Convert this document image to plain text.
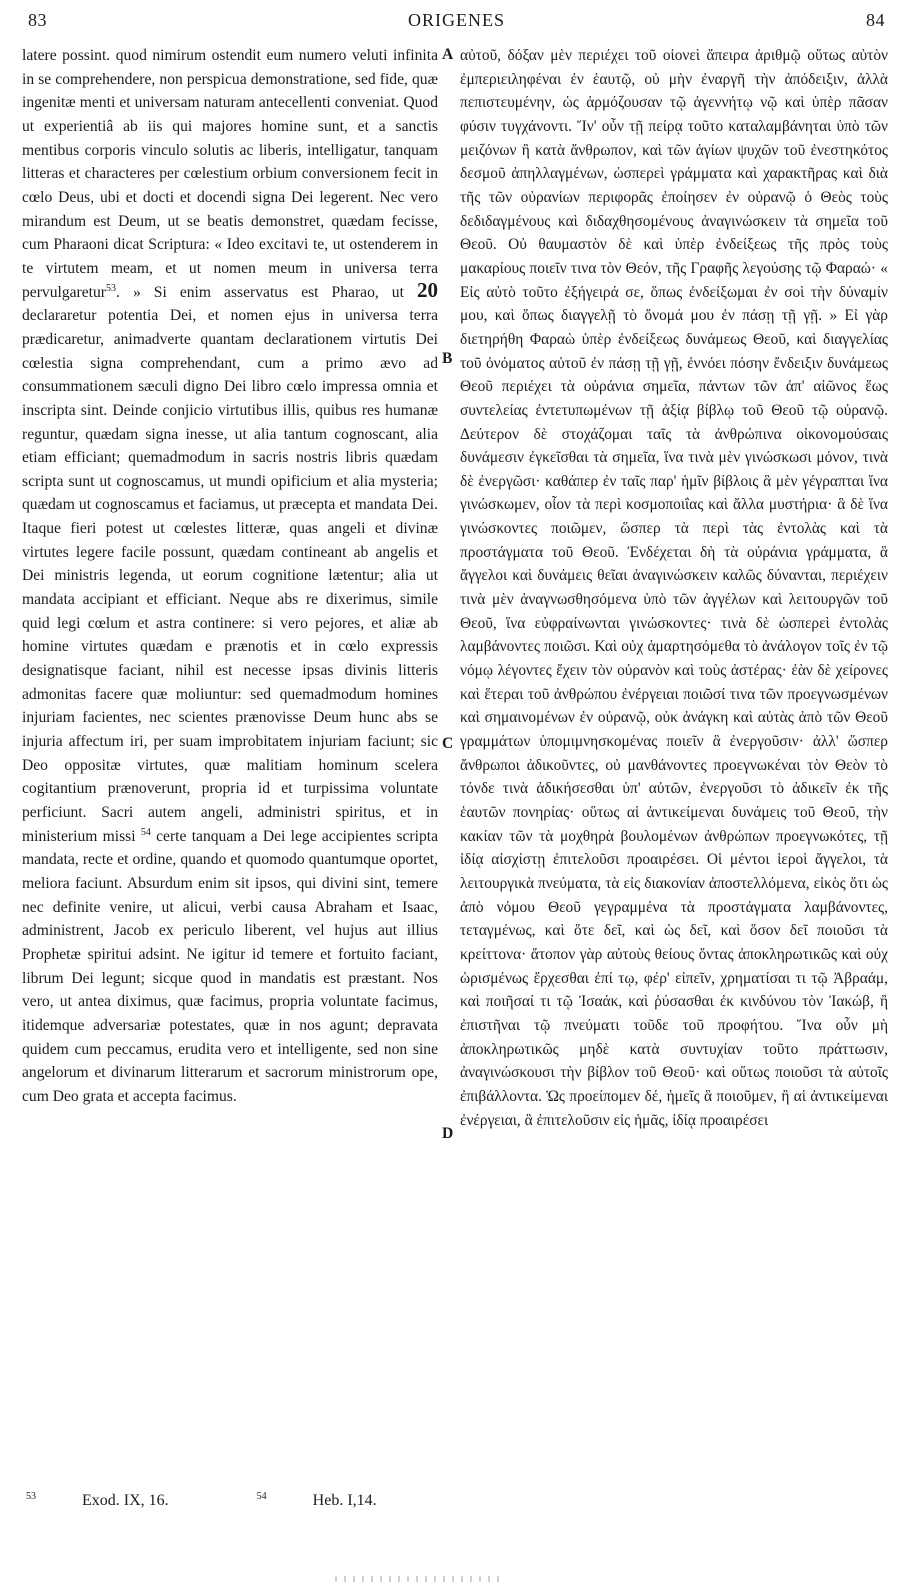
83	ORIGENES	84

latere possint. quod nimirum ostendit eum numero veluti infinita in se comprehendere, non perspicua demonstratione, sed fide, quæ ingenitæ menti et universam naturam antecellenti conveniat. Quod ut experientiâ ab iis qui majores homine sunt, et a sanctis mentibus corporis vinculo solutis ac liberis, intelligatur, tanquam litteras et characteres per cœlestium orbium conversionem fecit in cœlo Deus, ubi et docti et docendi signa Dei legerent. Nec vero mirandum est Deum, ut se beatis demonstret, quædam fecisse, cum Pharaoni dicat Scriptura: « Ideo excitavi te, ut ostenderem in te virtutem meam, et ut nomen meum in universa terra pervulgaretur$^{53}$. » Si enim asservatus est Pharao, ut 20 declararetur potentia Dei, et nomen ejus in universa terra prædicaretur, animadverte quantam declarationem virtutis Dei cœlestia signa comprehendant, cum a primo ævo ad consummationem sæculi digno Dei libro cœlo impressa omnia et inscripta sint. Deinde conjicio virtutibus illis, quibus res humanæ reguntur, quædam signa inesse, ut alia tantum cognoscant, alia etiam efficiant; quemadmodum in sacris nostris libris quædam scripta sunt ut cognoscamus, ut mundi opificium et alia mysteria; quædam ut cognoscamus et faciamus, ut præcepta et mandata Dei. Itaque fieri potest ut cœlestes litteræ, quas angeli et divinæ virtutes legere facile possunt, quædam contineant ab angelis et Dei ministris legenda, ut eorum cognitione lætentur; alia ut mandata accipiant et efficiant. Neque abs re dixerimus, simile quid legi cœlum et astra continere: si vero pejores, et aliæ ab homine virtutes quædam e prænotis et in cœlo expressis designatisque faciant, nihil est necesse ipsas divinis litteris admonitas facere quæ moliuntur: sed quemadmodum homines injuriam facientes, nec scientes prænovisse Deum hunc abs se injuria affectum iri, per suam improbitatem injuriam faciunt; sic Deo oppositæ virtutes, quæ malitiam hominum scelera cogitantium prænoverunt, propria id et turpissima voluntate perficiunt. Sacri autem angeli, administri spiritus, et in ministerium missi $^{54}$ certe tanquam a Dei lege accipientes scripta mandata, recte et ordine, quando et quomodo quantumque oportet, meliora faciunt. Absurdum enim sit ipsos, qui divini sint, temere nec definite venire, ut alicui, verbi causa Abraham et Isaac, administrent, Jacob ex periculo liberent, vel hujus aut illius Prophetæ spiritui adsint. Ne igitur id temere et fortuito faciant, librum Dei legunt; sicque quod in mandatis est præstant. Nos vero, ut antea diximus, quæ facimus, propria voluntate facimus, itidemque adversariæ potestates, quæ in nos agunt; depravata quidem cum peccamus, erudita vero et intelligente, sed non sine angelorum et divinarum litterarum et sacrorum ministrorum ope, cum Deo grata et accepta facimus.

A
B
C
D

αὐτοῦ, δόξαν μὲν περιέχει τοῦ οἱονεὶ ἄπειρα ἀριθμῷ οὕτως αὐτὸν ἐμπεριειληφέναι ἐν ἑαυτῷ, οὐ μὴν ἐναργῆ τὴν ἀπόδειξιν, ἀλλὰ πεπιστευμένην, ὡς ἁρμόζουσαν τῷ ἀγεννήτῳ νῷ καὶ ὑπὲρ πᾶσαν φύσιν τυγχάνοντι. Ἵν' οὖν τῇ πείρᾳ τοῦτο καταλαμβάνηται ὑπὸ τῶν μειζόνων ἢ κατὰ ἄνθρωπον, καὶ τῶν ἁγίων ψυχῶν τοῦ ἐνεστηκότος δεσμοῦ ἀπηλλαγμένων, ὡσπερεὶ γράμματα καὶ χαρακτῆρας καὶ διὰ τῆς τῶν οὐρανίων περιφορᾶς ἐποίησεν ἐν οὐρανῷ ὁ Θεὸς τοὺς δεδιδαγμένους καὶ διδαχθησομένους ἀναγινώσκειν τὰ σημεῖα τοῦ Θεοῦ. Οὐ θαυμαστὸν δὲ καὶ ὑπὲρ ἐνδείξεως τῆς πρὸς τοὺς μακαρίους ποιεῖν τινα τὸν Θεόν, τῆς Γραφῆς λεγούσης τῷ Φαραώ· « Εἰς αὐτὸ τοῦτο ἐξήγειρά σε, ὅπως ἐνδείξωμαι ἐν σοὶ τὴν δύναμίν μου, καὶ ὅπως διαγγελῇ τὸ ὄνομά μου ἐν πάσῃ τῇ γῇ. » Εἰ γὰρ διετηρήθη Φαραὼ ὑπὲρ ἐνδείξεως δυνάμεως Θεοῦ, καὶ διαγγελίας τοῦ ὀνόματος αὐτοῦ ἐν πάσῃ τῇ γῇ, ἐννόει πόσην ἔνδειξιν δυνάμεως Θεοῦ περιέχει τὰ οὐράνια σημεῖα, πάντων τῶν ἀπ' αἰῶνος ἕως συντελείας ἐντετυπωμένων τῇ ἀξίᾳ βίβλῳ τοῦ Θεοῦ τῷ οὐρανῷ. Δεύτερον δὲ στοχάζομαι ταῖς τὰ ἀνθρώπινα οἰκονομούσαις δυνάμεσιν ἐγκεῖσθαι τὰ σημεῖα, ἵνα τινὰ μὲν γινώσκωσι μόνον, τινὰ δὲ ἐνεργῶσι· καθάπερ ἐν ταῖς παρ' ἡμῖν βίβλοις ἃ μὲν γέγραπται ἵνα γινώσκωμεν, οἷον τὰ περὶ κοσμοποιΐας καὶ ἄλλα μυστήρια· ἃ δὲ ἵνα γινώσκοντες ποιῶμεν, ὥσπερ τὰ περὶ τὰς ἐντολὰς καὶ τὰ προστάγματα τοῦ Θεοῦ. Ἐνδέχεται δὴ τὰ οὐράνια γράμματα, ἃ ἄγγελοι καὶ δυνάμεις θεῖαι ἀναγινώσκειν καλῶς δύνανται, περιέχειν τινὰ μὲν ἀναγνωσθησόμενα ὑπὸ τῶν ἀγγέλων καὶ λειτουργῶν τοῦ Θεοῦ, ἵνα εὐφραίνωνται γινώσκοντες· τινὰ δὲ ὡσπερεὶ ἐντολὰς λαμβάνοντες ποιῶσι. Καὶ οὐχ ἁμαρτησόμεθα τὸ ἀνάλογον τοῖς ἐν τῷ νόμῳ λέγοντες ἔχειν τὸν οὐρανὸν καὶ τοὺς ἀστέρας· ἐὰν δὲ χείρονες καὶ ἕτεραι τοῦ ἀνθρώπου ἐνέργειαι ποιῶσί τινα τῶν προεγνωσμένων καὶ σημαινομένων ἐν οὐρανῷ, οὐκ ἀνάγκη καὶ αὐτὰς ἀπὸ τῶν Θεοῦ γραμμάτων ὑπομιμνησκομένας ποιεῖν ἃ ἐνεργοῦσιν· ἀλλ' ὥσπερ ἄνθρωποι ἀδικοῦντες, οὐ μανθάνοντες προεγνωκέναι τὸν Θεὸν τὸ τόνδε τινὰ ἀδικήσεσθαι ὑπ' αὐτῶν, ἐνεργοῦσι τὸ ἀδικεῖν ἐκ τῆς ἑαυτῶν πονηρίας· οὕτως αἱ ἀντικείμεναι δυνάμεις τοῦ Θεοῦ, τὴν κακίαν τῶν τὰ μοχθηρὰ βουλομένων ἀνθρώπων προεγνωκότες, τῇ ἰδίᾳ αἰσχίστῃ ἐπιτελοῦσι προαιρέσει. Οἱ μέντοι ἱεροὶ ἄγγελοι, τὰ λειτουργικὰ πνεύματα, τὰ εἰς διακονίαν ἀποστελλόμενα, εἰκὸς ὅτι ὡς ἀπὸ νόμου Θεοῦ γεγραμμένα τὰ προστάγματα λαμβάνοντες, τεταγμένως, καὶ ὅτε δεῖ, καὶ ὡς δεῖ, καὶ ὅσον δεῖ ποιοῦσι τὰ κρείττονα· ἄτοπον γὰρ αὐτοὺς θείους ὄντας ἀποκληρωτικῶς καὶ οὐχ ὡρισμένως ἔρχεσθαι ἐπί τῳ, φέρ' εἰπεῖν, χρηματίσαι τι τῷ Ἀβραάμ, καὶ ποιῆσαί τι τῷ Ἰσαάκ, καὶ ῥύσασθαι ἐκ κινδύνου τὸν Ἰακώβ, ἢ ἐπιστῆναι τῷ πνεύματι τοῦδε τοῦ προφήτου. Ἵνα οὖν μὴ ἀποκληρωτικῶς μηδὲ κατὰ συντυχίαν τοῦτο πράττωσιν, ἀναγινώσκουσι τὴν βίβλον τοῦ Θεοῦ· καὶ οὕτως ποιοῦσι τὰ αὐτοῖς ἐπιβάλλοντα. Ὡς προείπομεν δέ, ἡμεῖς ἃ ποιοῦμεν, ἢ αἱ ἀντικείμεναι ἐνέργειαι, ἃ ἐπιτελοῦσιν εἰς ἡμᾶς, ἰδίᾳ προαιρέσει

$^{53}$	Exod. IX, 16.	$^{54}$	Heb. I,14.
